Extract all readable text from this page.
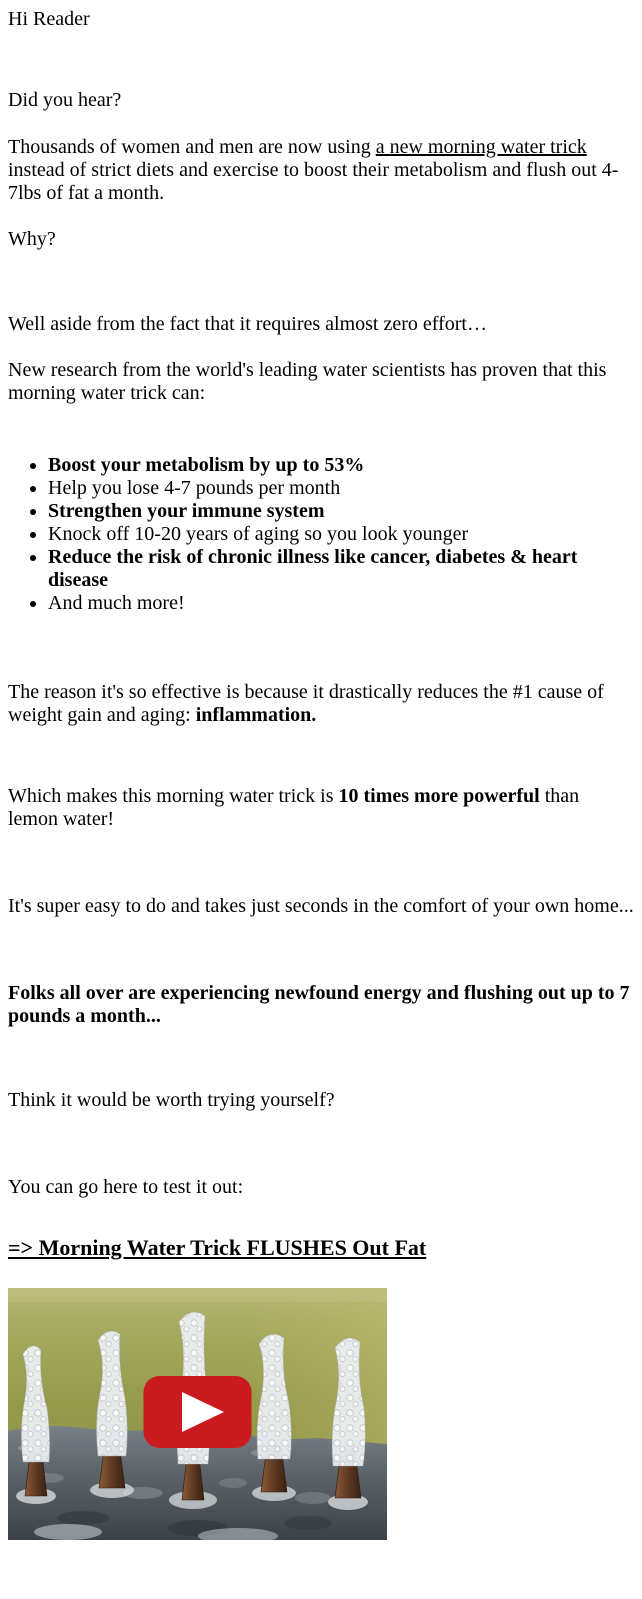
Hi Reader

Did you hear?

Thousands of women and men are now using a new morning water trick instead of strict diets and exercise to boost their metabolism and flush out 4-7lbs of fat a month.

Why?

Well aside from the fact that it requires almost zero effort…

New research from the world's leading water scientists has proven that this morning water trick can:

• Boost your metabolism by up to 53%
• Help you lose 4-7 pounds per month
• Strengthen your immune system
• Knock off 10-20 years of aging so you look younger
• Reduce the risk of chronic illness like cancer, diabetes & heart disease
• And much more!

The reason it's so effective is because it drastically reduces the #1 cause of weight gain and aging: inflammation.

Which makes this morning water trick is 10 times more powerful than lemon water!

It's super easy to do and takes just seconds in the comfort of your own home...

Folks all over are experiencing newfound energy and flushing out up to 7 pounds a month...

Think it would be worth trying yourself?

You can go here to test it out:

=> Morning Water Trick FLUSHES Out Fat
